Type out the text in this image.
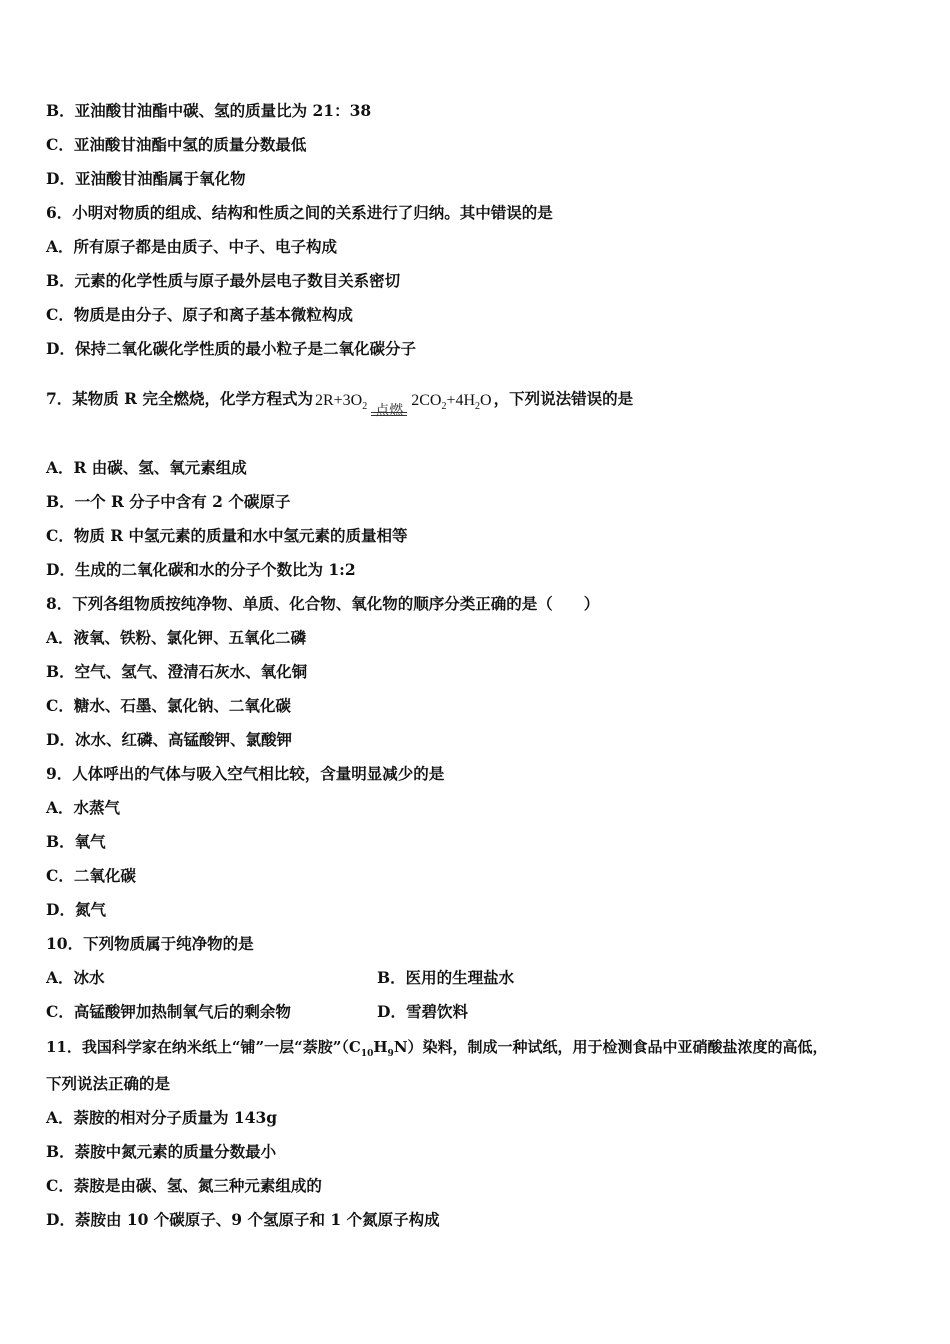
B．亚油酸甘油酯中碳、氢的质量比为 21：38
C．亚油酸甘油酯中氢的质量分数最低
D．亚油酸甘油酯属于氧化物
6．小明对物质的组成、结构和性质之间的关系进行了归纳。其中错误的是
A．所有原子都是由质子、中子、电子构成
B．元素的化学性质与原子最外层电子数目关系密切
C．物质是由分子、原子和离子基本微粒构成
D．保持二氧化碳化学性质的最小粒子是二氧化碳分子
7．某物质 R 完全燃烧，化学方程式为 $2R+3O_2$ 点燃
$2CO_2+4H_2O$ ，下列说法错误的是
A．R 由碳、氢、氧元素组成
B．一个 R 分子中含有 2 个碳原子
C．物质 R 中氢元素的质量和水中氢元素的质量相等
D．生成的二氧化碳和水的分子个数比为 1:2
8．下列各组物质按纯净物、单质、化合物、氧化物的顺序分类正确的是（　　）
A．液氧、铁粉、氯化钾、五氧化二磷
B．空气、氢气、澄清石灰水、氧化铜
C．糖水、石墨、氯化钠、二氧化碳
D．冰水、红磷、高锰酸钾、氯酸钾
9．人体呼出的气体与吸入空气相比较，含量明显减少的是
A．水蒸气
B．氧气
C．二氧化碳
D．氮气
10．下列物质属于纯净物的是
A．冰水	B．医用的生理盐水
C．高锰酸钾加热制氧气后的剩余物	D．雪碧饮料
11．我国科学家在纳米纸上“铺”一层“萘胺$”(C_{10}H_9N)$染料，制成一种试纸，用于检测食品中亚硝酸盐浓度的高低，
下列说法正确的是
A．萘胺的相对分子质量为 143g
B．萘胺中氮元素的质量分数最小
C．萘胺是由碳、氢、氮三种元素组成的
D．萘胺由 10 个碳原子、9 个氢原子和 1 个氮原子构成
